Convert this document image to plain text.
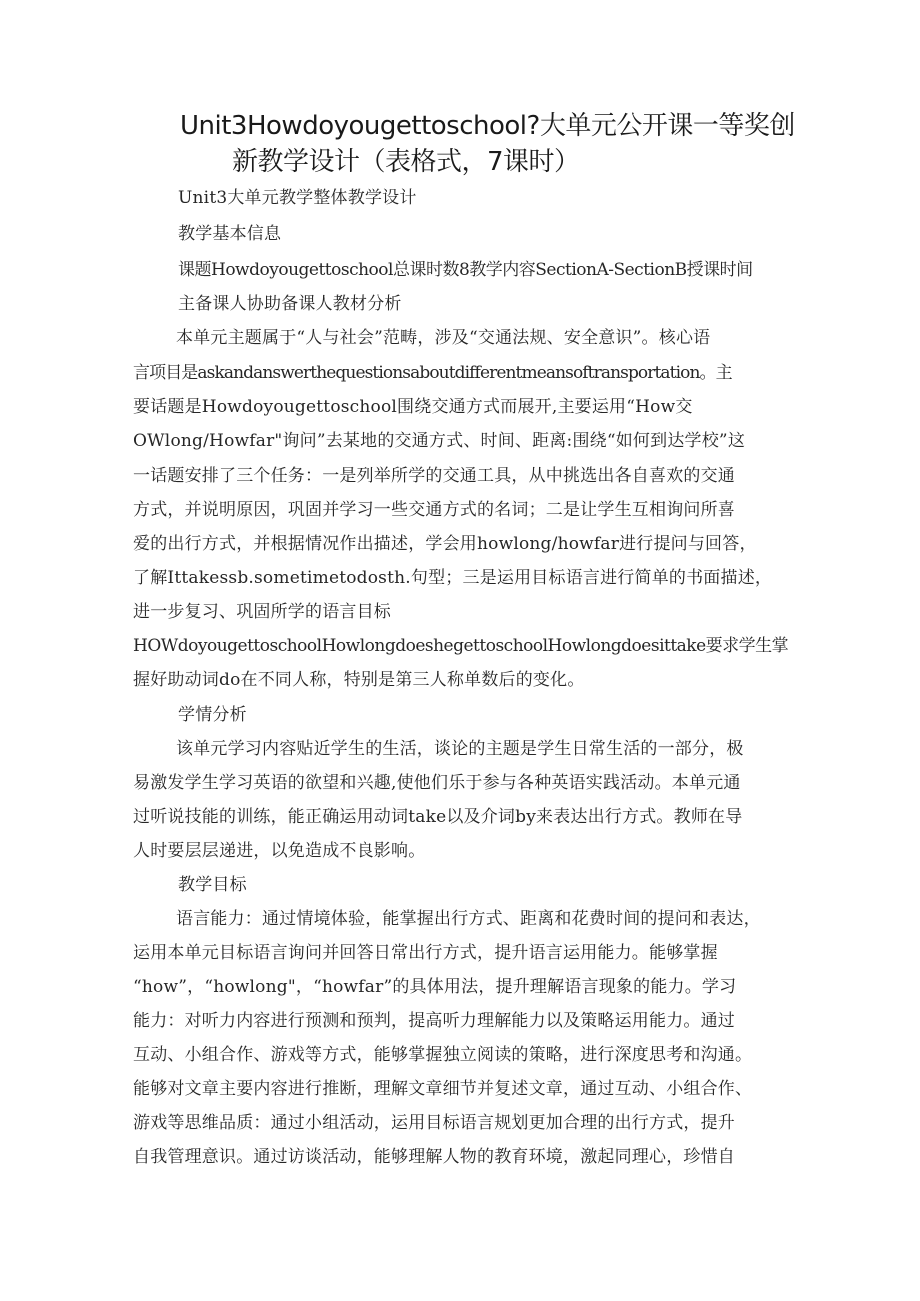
Unit3Howdoyougettoschool?大单元公开课一等奖创
新教学设计（表格式，7课时）
Unit3大单元教学整体教学设计
教学基本信息
课题Howdoyougettoschool总课时数8教学内容SectionA-SectionB授课时间
主备课人协助备课人教材分析
本单元主题属于“人与社会”范畴，涉及“交通法规、安全意识”。核心语
言项目是askandanswerthequestionsaboutdifferentmeansoftransportation。主
要话题是Howdoyougettoschool围绕交通方式而展开,主要运用“How交
OWlong/Howfar"询问”去某地的交通方式、时间、距离:围绕“如何到达学校”这
一话题安排了三个任务：一是列举所学的交通工具，从中挑选出各自喜欢的交通
方式，并说明原因，巩固并学习一些交通方式的名词；二是让学生互相询问所喜
爱的出行方式，并根据情况作出描述，学会用howlong/howfar进行提问与回答，
了解Ittakessb.sometimetodosth.句型；三是运用目标语言进行简单的书面描述，
进一步复习、巩固所学的语言目标
HOWdoyougettoschoolHowlongdoeshegettoschoolHowlongdoesittake要求学生掌
握好助动词do在不同人称，特别是第三人称单数后的变化。
学情分析
该单元学习内容贴近学生的生活，谈论的主题是学生日常生活的一部分，极
易激发学生学习英语的欲望和兴趣,使他们乐于参与各种英语实践活动。本单元通
过听说技能的训练，能正确运用动词take以及介词by来表达出行方式。教师在导
人时要层层递进，以免造成不良影响。
教学目标
语言能力：通过情境体验，能掌握出行方式、距离和花费时间的提问和表达，
运用本单元目标语言询问并回答日常出行方式，提升语言运用能力。能够掌握
“how”，“howlong"，“howfar”的具体用法，提升理解语言现象的能力。学习
能力：对听力内容进行预测和预判，提高听力理解能力以及策略运用能力。通过
互动、小组合作、游戏等方式，能够掌握独立阅读的策略，进行深度思考和沟通。
能够对文章主要内容进行推断，理解文章细节并复述文章，通过互动、小组合作、
游戏等思维品质：通过小组活动，运用目标语言规划更加合理的出行方式，提升
自我管理意识。通过访谈活动，能够理解人物的教育环境，激起同理心，珍惜自
